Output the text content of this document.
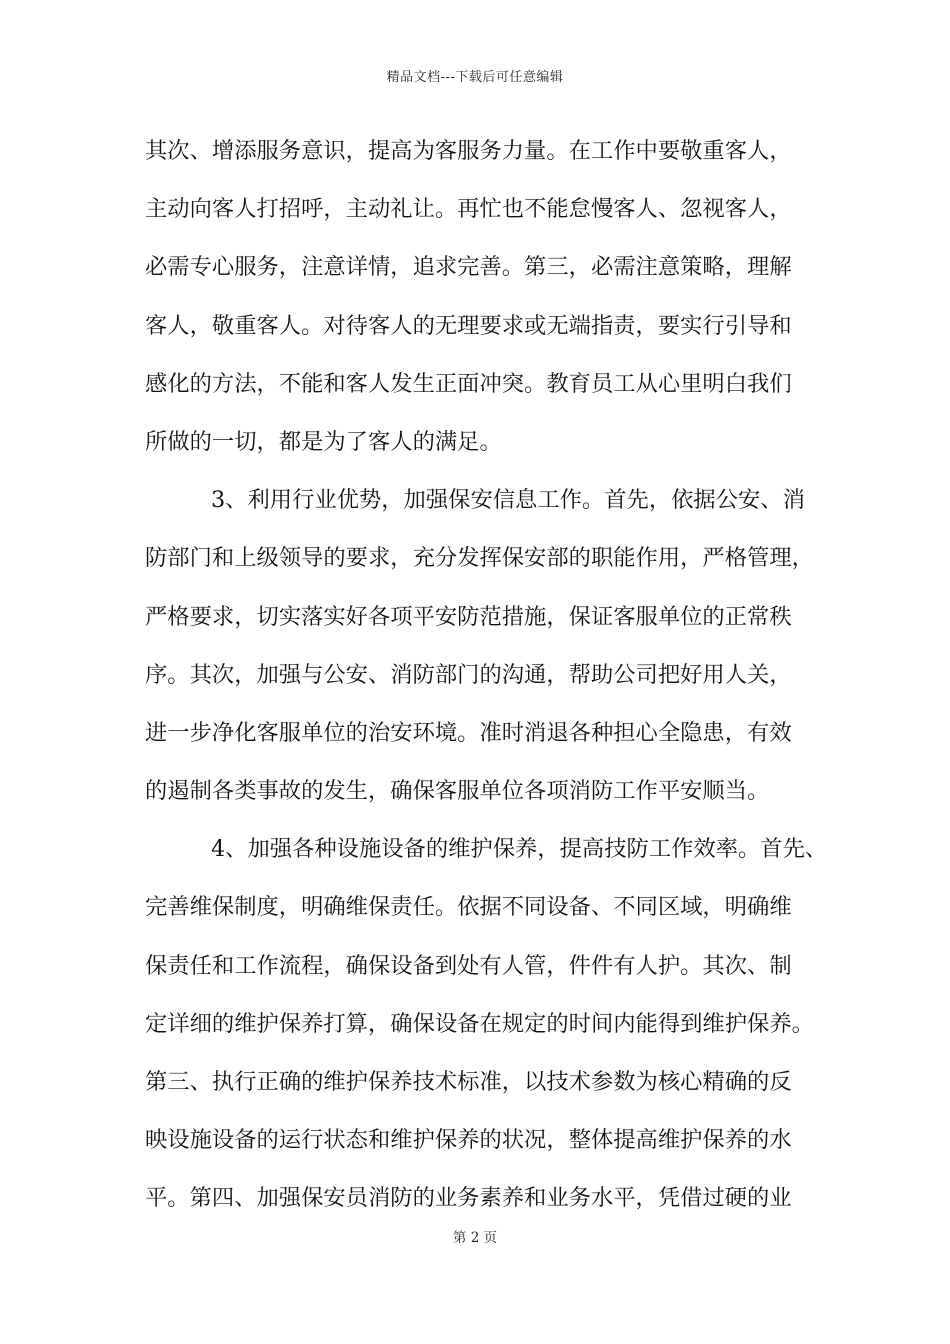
精品文档---下载后可任意编辑
其次、增添服务意识，提高为客服务力量。在工作中要敬重客人，
主动向客人打招呼，主动礼让。再忙也不能怠慢客人、忽视客人，
必需专心服务，注意详情，追求完善。第三，必需注意策略，理解
客人，敬重客人。对待客人的无理要求或无端指责，要实行引导和
感化的方法，不能和客人发生正面冲突。教育员工从心里明白我们
所做的一切，都是为了客人的满足。
3、利用行业优势，加强保安信息工作。首先，依据公安、消
防部门和上级领导的要求，充分发挥保安部的职能作用，严格管理，
严格要求，切实落实好各项平安防范措施，保证客服单位的正常秩
序。其次，加强与公安、消防部门的沟通，帮助公司把好用人关，
进一步净化客服单位的治安环境。准时消退各种担心全隐患，有效
的遏制各类事故的发生，确保客服单位各项消防工作平安顺当。
4、加强各种设施设备的维护保养，提高技防工作效率。首先、
完善维保制度，明确维保责任。依据不同设备、不同区域，明确维
保责任和工作流程，确保设备到处有人管，件件有人护。其次、制
定详细的维护保养打算，确保设备在规定的时间内能得到维护保养。
第三、执行正确的维护保养技术标准，以技术参数为核心精确的反
映设施设备的运行状态和维护保养的状况，整体提高维护保养的水
平。第四、加强保安员消防的业务素养和业务水平，凭借过硬的业
第 2 页
